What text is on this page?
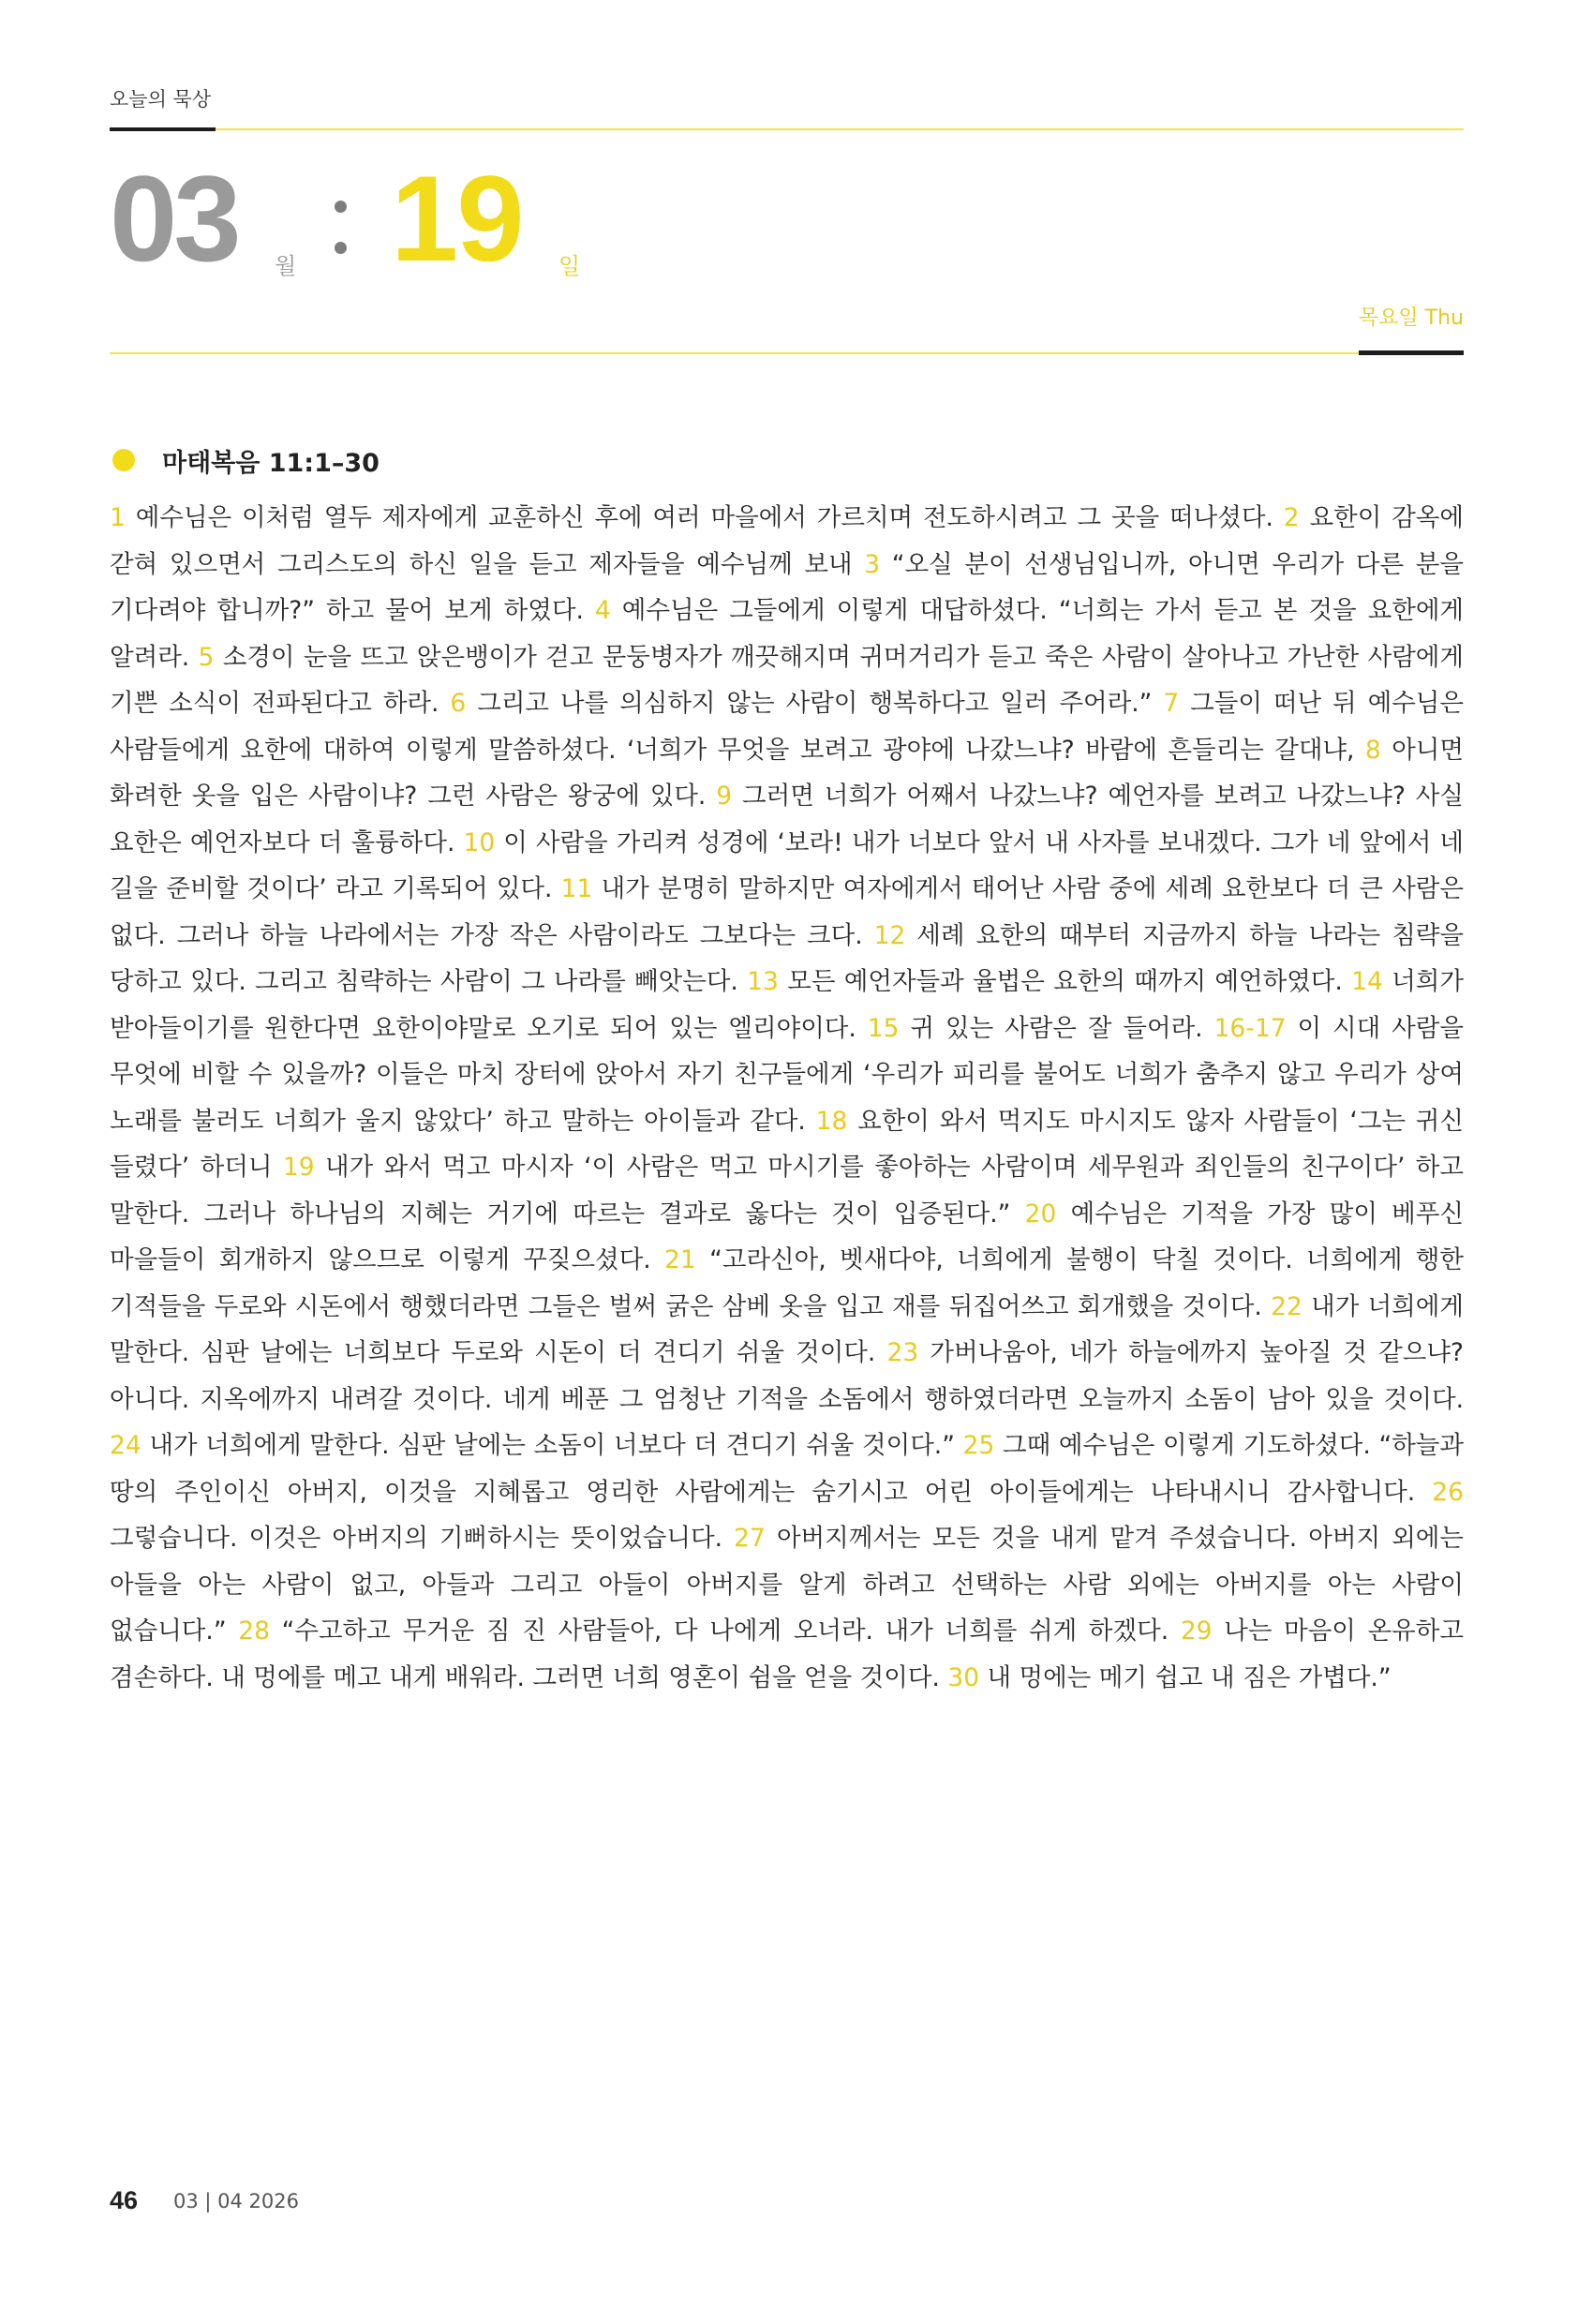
오늘의 묵상
03 월 19 일
목요일 Thu
마태복음 11:1–30
1 예수님은 이처럼 열두 제자에게 교훈하신 후에 여러 마을에서 가르치며 전도하시려고 그 곳을 떠나셨다. 2 요한이 감옥에 갇혀 있으면서 그리스도의 하신 일을 듣고 제자들을 예수님께 보내 3 “오실 분이 선생님입니까, 아니면 우리가 다른 분을 기다려야 합니까?” 하고 물어 보게 하였다. 4 예수님은 그들에게 이렇게 대답하셨다. “너희는 가서 듣고 본 것을 요한에게 알려라. 5 소경이 눈을 뜨고 앉은뱅이가 걷고 문둥병자가 깨끗해지며 귀머거리가 듣고 죽은 사람이 살아나고 가난한 사람에게 기쁜 소식이 전파된다고 하라. 6 그리고 나를 의심하지 않는 사람이 행복하다고 일러 주어라.” 7 그들이 떠난 뒤 예수님은 사람들에게 요한에 대하여 이렇게 말씀하셨다. ‘너희가 무엇을 보려고 광야에 나갔느냐? 바람에 흔들리는 갈대냐, 8 아니면 화려한 옷을 입은 사람이냐? 그런 사람은 왕궁에 있다. 9 그러면 너희가 어째서 나갔느냐? 예언자를 보려고 나갔느냐? 사실 요한은 예언자보다 더 훌륭하다. 10 이 사람을 가리켜 성경에 ‘보라! 내가 너보다 앞서 내 사자를 보내겠다. 그가 네 앞에서 네 길을 준비할 것이다’ 라고 기록되어 있다. 11 내가 분명히 말하지만 여자에게서 태어난 사람 중에 세례 요한보다 더 큰 사람은 없다. 그러나 하늘 나라에서는 가장 작은 사람이라도 그보다는 크다. 12 세례 요한의 때부터 지금까지 하늘 나라는 침략을 당하고 있다. 그리고 침략하는 사람이 그 나라를 빼앗는다. 13 모든 예언자들과 율법은 요한의 때까지 예언하였다. 14 너희가 받아들이기를 원한다면 요한이야말로 오기로 되어 있는 엘리야이다. 15 귀 있는 사람은 잘 들어라. 16-17 이 시대 사람을 무엇에 비할 수 있을까? 이들은 마치 장터에 앉아서 자기 친구들에게 ‘우리가 피리를 불어도 너희가 춤추지 않고 우리가 상여 노래를 불러도 너희가 울지 않았다’ 하고 말하는 아이들과 같다. 18 요한이 와서 먹지도 마시지도 않자 사람들이 ‘그는 귀신 들렸다’ 하더니 19 내가 와서 먹고 마시자 ‘이 사람은 먹고 마시기를 좋아하는 사람이며 세무원과 죄인들의 친구이다’ 하고 말한다. 그러나 하나님의 지혜는 거기에 따르는 결과로 옳다는 것이 입증된다.” 20 예수님은 기적을 가장 많이 베푸신 마을들이 회개하지 않으므로 이렇게 꾸짖으셨다. 21 “고라신아, 벳새다야, 너희에게 불행이 닥칠 것이다. 너희에게 행한 기적들을 두로와 시돈에서 행했더라면 그들은 벌써 굵은 삼베 옷을 입고 재를 뒤집어쓰고 회개했을 것이다. 22 내가 너희에게 말한다. 심판 날에는 너희보다 두로와 시돈이 더 견디기 쉬울 것이다. 23 가버나움아, 네가 하늘에까지 높아질 것 같으냐? 아니다. 지옥에까지 내려갈 것이다. 네게 베푼 그 엄청난 기적을 소돔에서 행하였더라면 오늘까지 소돔이 남아 있을 것이다. 24 내가 너희에게 말한다. 심판 날에는 소돔이 너보다 더 견디기 쉬울 것이다.” 25 그때 예수님은 이렇게 기도하셨다. “하늘과 땅의 주인이신 아버지, 이것을 지혜롭고 영리한 사람에게는 숨기시고 어린 아이들에게는 나타내시니 감사합니다. 26 그렇습니다. 이것은 아버지의 기뻐하시는 뜻이었습니다. 27 아버지께서는 모든 것을 내게 맡겨 주셨습니다. 아버지 외에는 아들을 아는 사람이 없고, 아들과 그리고 아들이 아버지를 알게 하려고 선택하는 사람 외에는 아버지를 아는 사람이 없습니다.” 28 “수고하고 무거운 짐 진 사람들아, 다 나에게 오너라. 내가 너희를 쉬게 하겠다. 29 나는 마음이 온유하고 겸손하다. 내 멍에를 메고 내게 배워라. 그러면 너희 영혼이 쉼을 얻을 것이다. 30 내 멍에는 메기 쉽고 내 짐은 가볍다.”
46 03 | 04 2026
